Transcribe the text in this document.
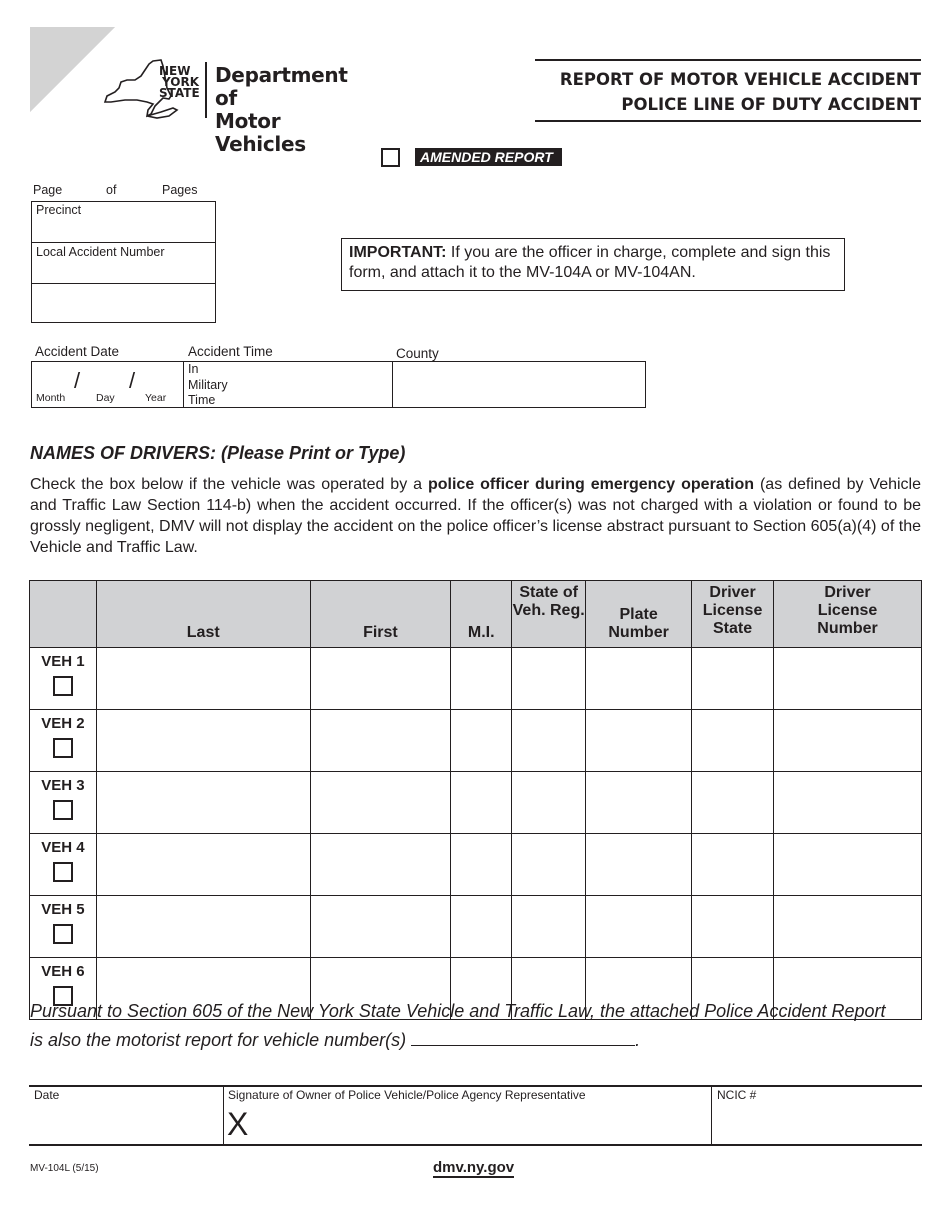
NEW
YORK
STATE
Department of
Motor Vehicles
REPORT OF MOTOR VEHICLE ACCIDENT
POLICE LINE OF DUTY ACCIDENT
AMENDED REPORT
Page	of	Pages
Precinct
Local Accident Number	IMPORTANT: If you are the officer in charge, complete and sign this form, and attach it to the MV-104A or MV-104AN.
Accident Date	Accident Time	County
/ /
Month	Day	Year
In
Military
Time
NAMES OF DRIVERS: (Please Print or Type)
Check the box below if the vehicle was operated by a police officer during emergency operation (as defined by Vehicle and Traffic Law Section 114-b) when the accident occurred. If the officer(s) was not charged with a violation or found to be grossly negligent, DMV will not display the accident on the police officer’s license abstract pursuant to Section 605(a)(4) of the Vehicle and Traffic Law.
	Last	First	M.I.	State of Veh. Reg.	Plate Number	Driver License State	Driver License Number

VEH 1							

VEH 2							

VEH 3							

VEH 4							

VEH 5							

VEH 6							

Pursuant to Section 605 of the New York State Vehicle and Traffic Law, the attached Police Accident Report
is also the motorist report for vehicle number(s)	.
Date	Signature of Owner of Police Vehicle/Police Agency Representative
X
NCIC #
MV-104L (5/15)	dmv.ny.gov
